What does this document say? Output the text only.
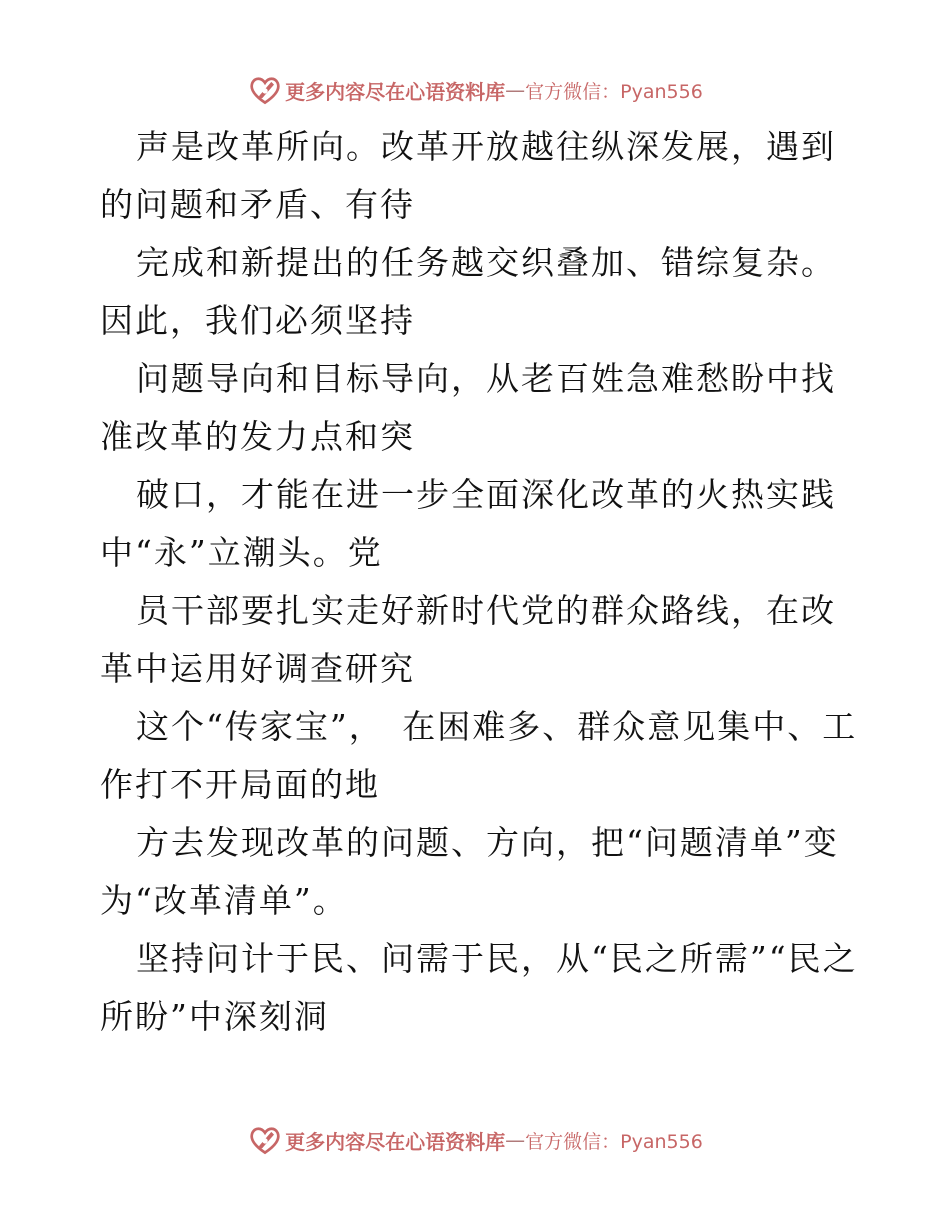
更多内容尽在心语资料库 — 官方微信：Pyan556

声是改革所向。改革开放越往纵深发展，遇到的问题和矛盾、有待

完成和新提出的任务越交织叠加、错综复杂。因此，我们必须坚持

问题导向和目标导向，从老百姓急难愁盼中找准改革的发力点和突

破口，才能在进一步全面深化改革的火热实践中“永”立潮头。党

员干部要扎实走好新时代党的群众路线，在改革中运用好调查研究

这个“传家宝”，　在困难多、群众意见集中、工作打不开局面的地

方去发现改革的问题、方向，把“问题清单”变为“改革清单”。

坚持问计于民、问需于民，从“民之所需”“民之所盼”中深刻洞

更多内容尽在心语资料库 — 官方微信：Pyan556
